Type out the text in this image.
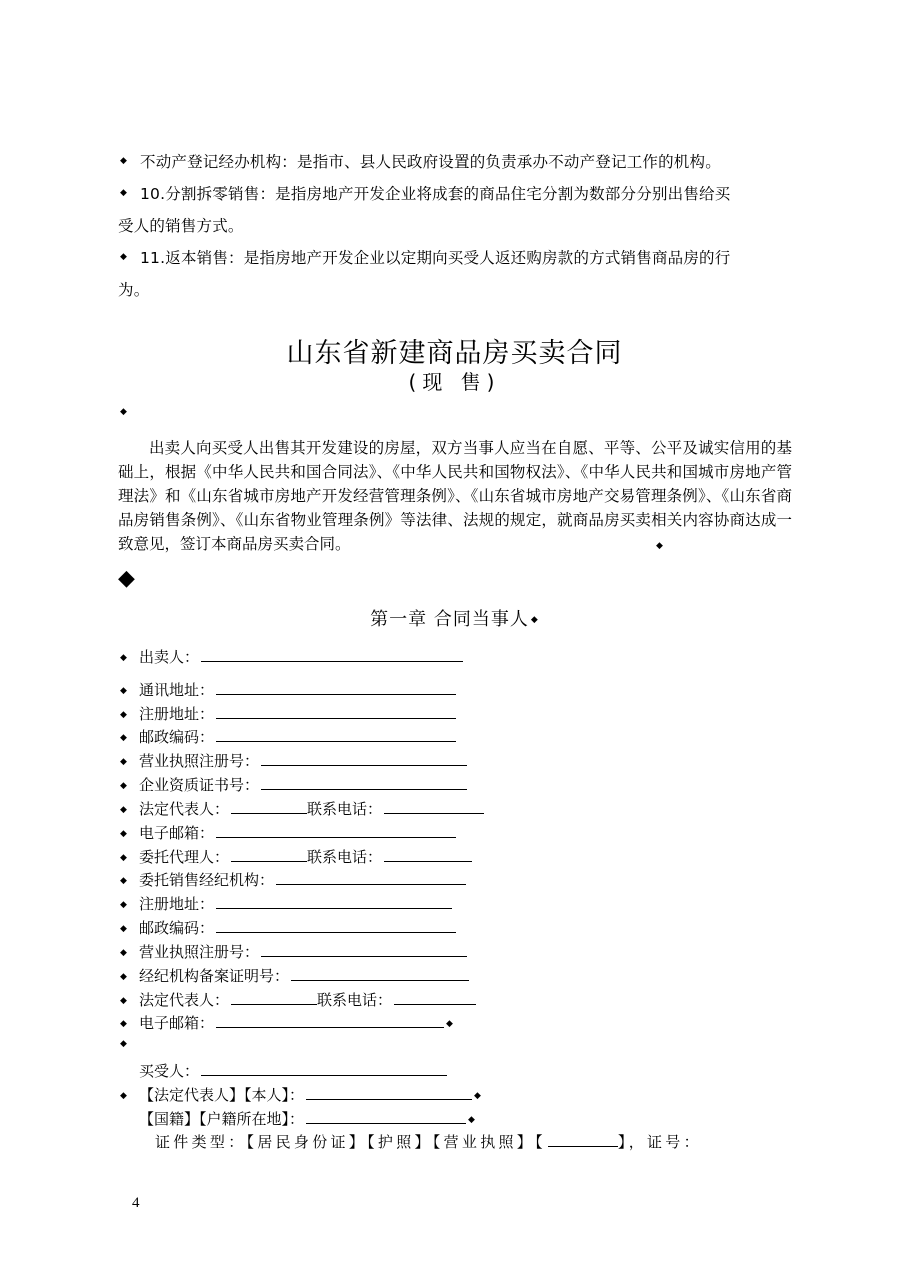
◆ 不动产登记经办机构：是指市、县人民政府设置的负责承办不动产登记工作的机构。
◆ 10.分割拆零销售：是指房地产开发企业将成套的商品住宅分割为数部分分别出售给买
受人的销售方式。
◆ 11.返本销售：是指房地产开发企业以定期向买受人返还购房款的方式销售商品房的行
为。
山东省新建商品房买卖合同
(现 售)
◆

出卖人向买受人出售其开发建设的房屋，双方当事人应当在自愿、平等、公平及诚实信用的基础上，根据《中华人民共和国合同法》、《中华人民共和国物权法》、《中华人民共和国城市房地产管理法》和《山东省城市房地产开发经营管理条例》、《山东省城市房地产交易管理条例》、《山东省商品房销售条例》、《山东省物业管理条例》等法律、法规的规定，就商品房买卖相关内容协商达成一致意见，签订本商品房买卖合同。	◆
◆
第一章 合同当事人 ◆
◆ 出卖人：
◆ 通讯地址：
◆ 注册地址：
◆ 邮政编码：
◆ 营业执照注册号：
◆ 企业资质证书号：
◆ 法定代表人：	联系电话：
◆ 电子邮箱：
◆ 委托代理人：	联系电话：
◆ 委托销售经纪机构：
◆ 注册地址：
◆ 邮政编码：
◆ 营业执照注册号：
◆ 经纪机构备案证明号：
◆ 法定代表人：	联系电话：
◆ 电子邮箱：	◆
◆
买受人：
◆ 【法定代表人】【本人】：	◆
【国籍】【户籍所在地】：	◆
证件类型：【居民身份证】【护照】【营业执照】【	】，证号：
4
